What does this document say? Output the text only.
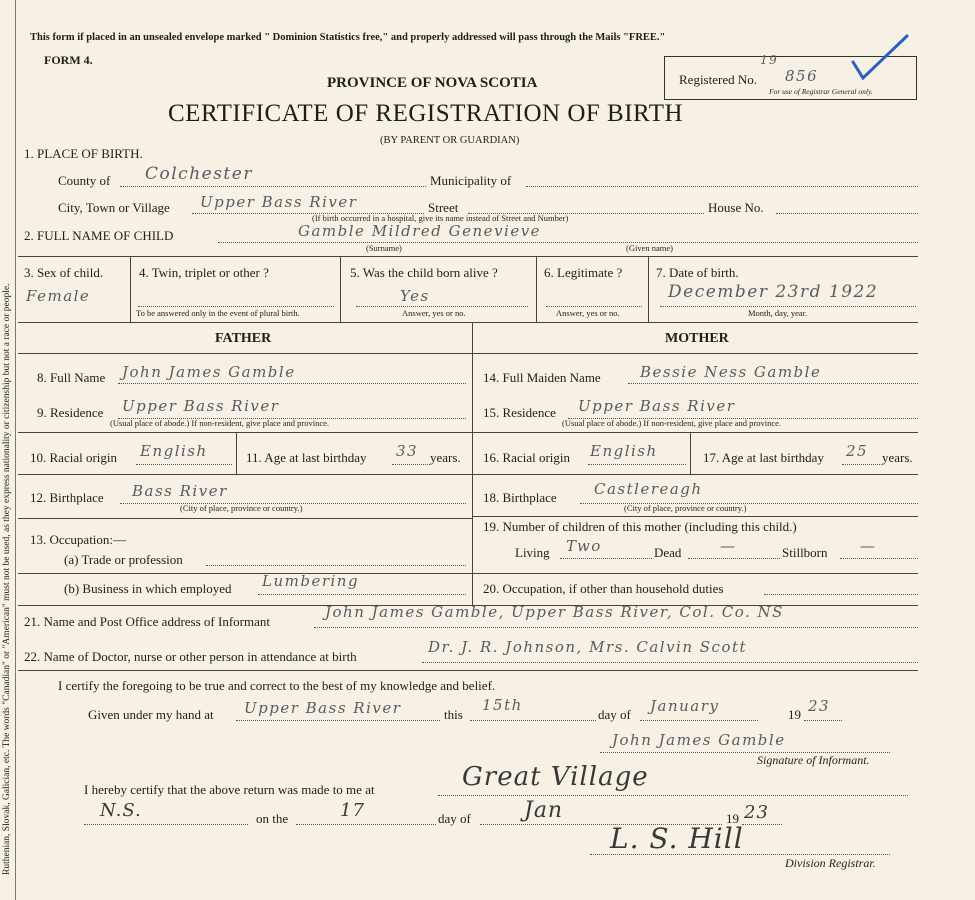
Ruthenian, Slovak, Galician, etc. The words "Canadian" or "American" must not be used, as they express nationality or citizenship but not a race or people.
This form if placed in an unsealed envelope marked " Dominion Statistics free," and properly addressed will pass through the Mails "FREE."
FORM 4.
PROVINCE OF NOVA SCOTIA
CERTIFICATE OF REGISTRATION OF BIRTH
(BY PARENT OR GUARDIAN)
Registered No.
19
856
For use of Registrar General only.
1. PLACE OF BIRTH.
County of Colchester	Municipality of
City, Town or Village Upper Bass River	Street	House No.
(If birth occurred in a hospital, give its name instead of Street and Number)
2. FULL NAME OF CHILD	Gamble Mildred Genevieve
(Surname)	(Given name)
3. Sex of child.
Female
4. Twin, triplet or other ?
To be answered only in the event of plural birth.
5. Was the child born alive ?
Yes
Answer, yes or no.
6. Legitimate ?
Answer, yes or no.
7. Date of birth.
December 23rd 1922
Month, day, year.
FATHER	MOTHER
8. Full Name John James Gamble
9. Residence Upper Bass River
(Usual place of abode.) If non-resident, give place and province.
10. Racial origin English	11. Age at last birthday 33 years.
12. Birthplace Bass River
(City of place, province or country.)
13. Occupation:—
(a) Trade or profession
(b) Business in which employed Lumbering
14. Full Maiden Name	Bessie Ness Gamble
15. Residence Upper Bass River
(Usual place of abode.) If non-resident, give place and province.
16. Racial origin English	17. Age at last birthday 25 years.
18. Birthplace Castlereagh
(City of place, province or country.)
19. Number of children of this mother (including this child.)
Living Two	Dead	—	Stillborn —
20. Occupation, if other than household duties
21. Name and Post Office address of Informant
John James Gamble, Upper Bass River, Col. Co. NS
22. Name of Doctor, nurse or other person in attendance at birth
Dr. J. R. Johnson, Mrs. Calvin Scott
I certify the foregoing to be true and correct to the best of my knowledge and belief.
Given under my hand at Upper Bass River	this
15th
day of January	19 23
John James Gamble
Signature of Informant.
I hereby certify that the above return was made to me at	Great Village
N.S.	on the	17	day of Jan	19 23
L. S. Hill
Division Registrar.
